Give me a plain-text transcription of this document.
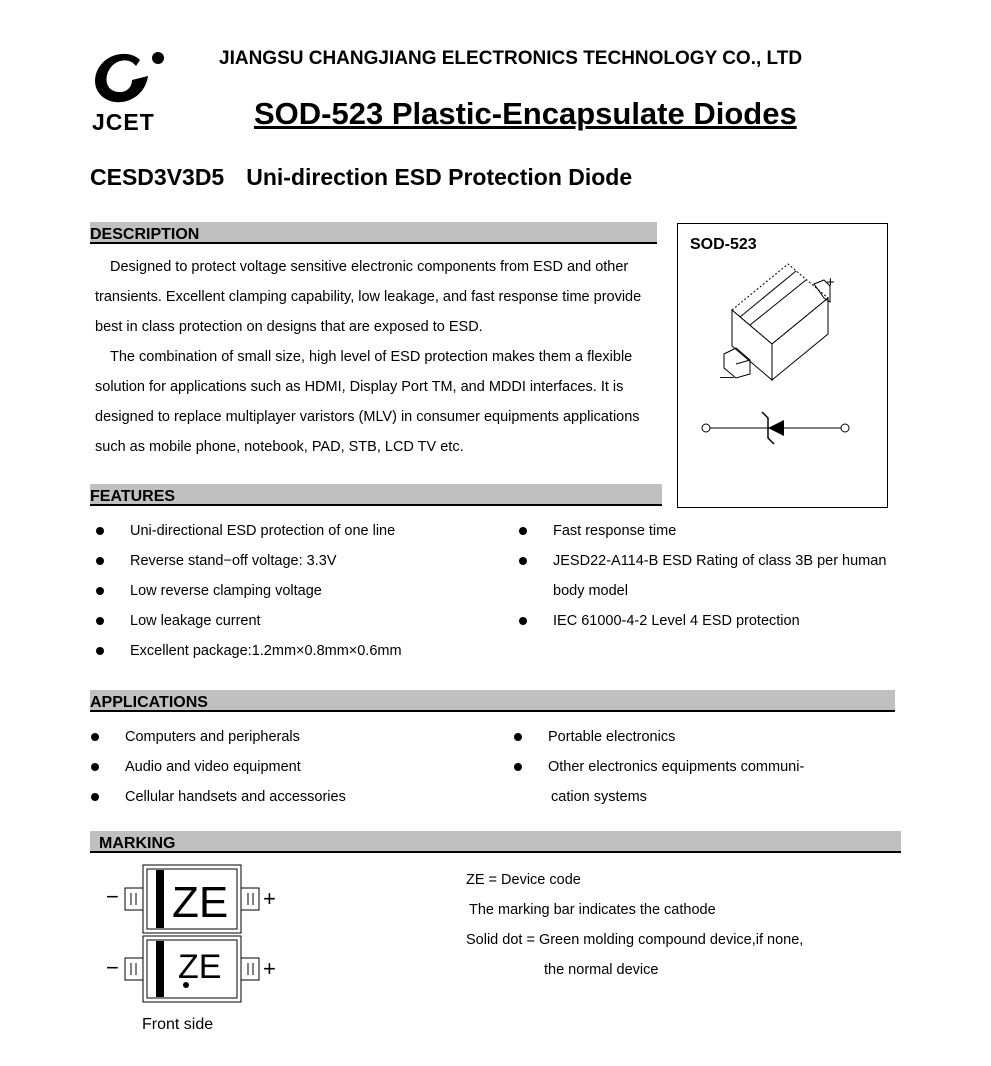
JCET
JIANGSU CHANGJIANG ELECTRONICS TECHNOLOGY CO., LTD
SOD-523 Plastic-Encapsulate Diodes
CESD3V3D5 Uni-direction ESD Protection Diode
DESCRIPTION

Designed to protect voltage sensitive electronic components from ESD and other transients. Excellent clamping capability, low leakage, and fast response time provide best in class protection on designs that are exposed to ESD.

The combination of small size, high level of ESD protection makes them a flexible solution for applications such as HDMI, Display Port TM, and MDDI interfaces. It is designed to replace multiplayer varistors (MLV) in consumer equipments applications such as mobile phone, notebook, PAD, STB, LCD TV etc.

SOD-523
+
—
FEATURES
Uni-directional ESD protection of one line
Reverse stand−off voltage: 3.3V
Low reverse clamping voltage
Low leakage current
Excellent package:1.2mm×0.8mm×0.6mm
Fast response time
JESD22-A114-B ESD Rating of class 3B per human
body model
IEC 61000-4-2 Level 4 ESD protection
APPLICATIONS
Computers and peripherals
Audio and video equipment
Cellular handsets and accessories
Portable electronics
Other electronics equipments communi-
cation systems
MARKING
ZE
ZE
−	+
−	+
ZE = Device code
The marking bar indicates the cathode
Solid dot = Green molding compound device,if none,
the normal device
Front side
